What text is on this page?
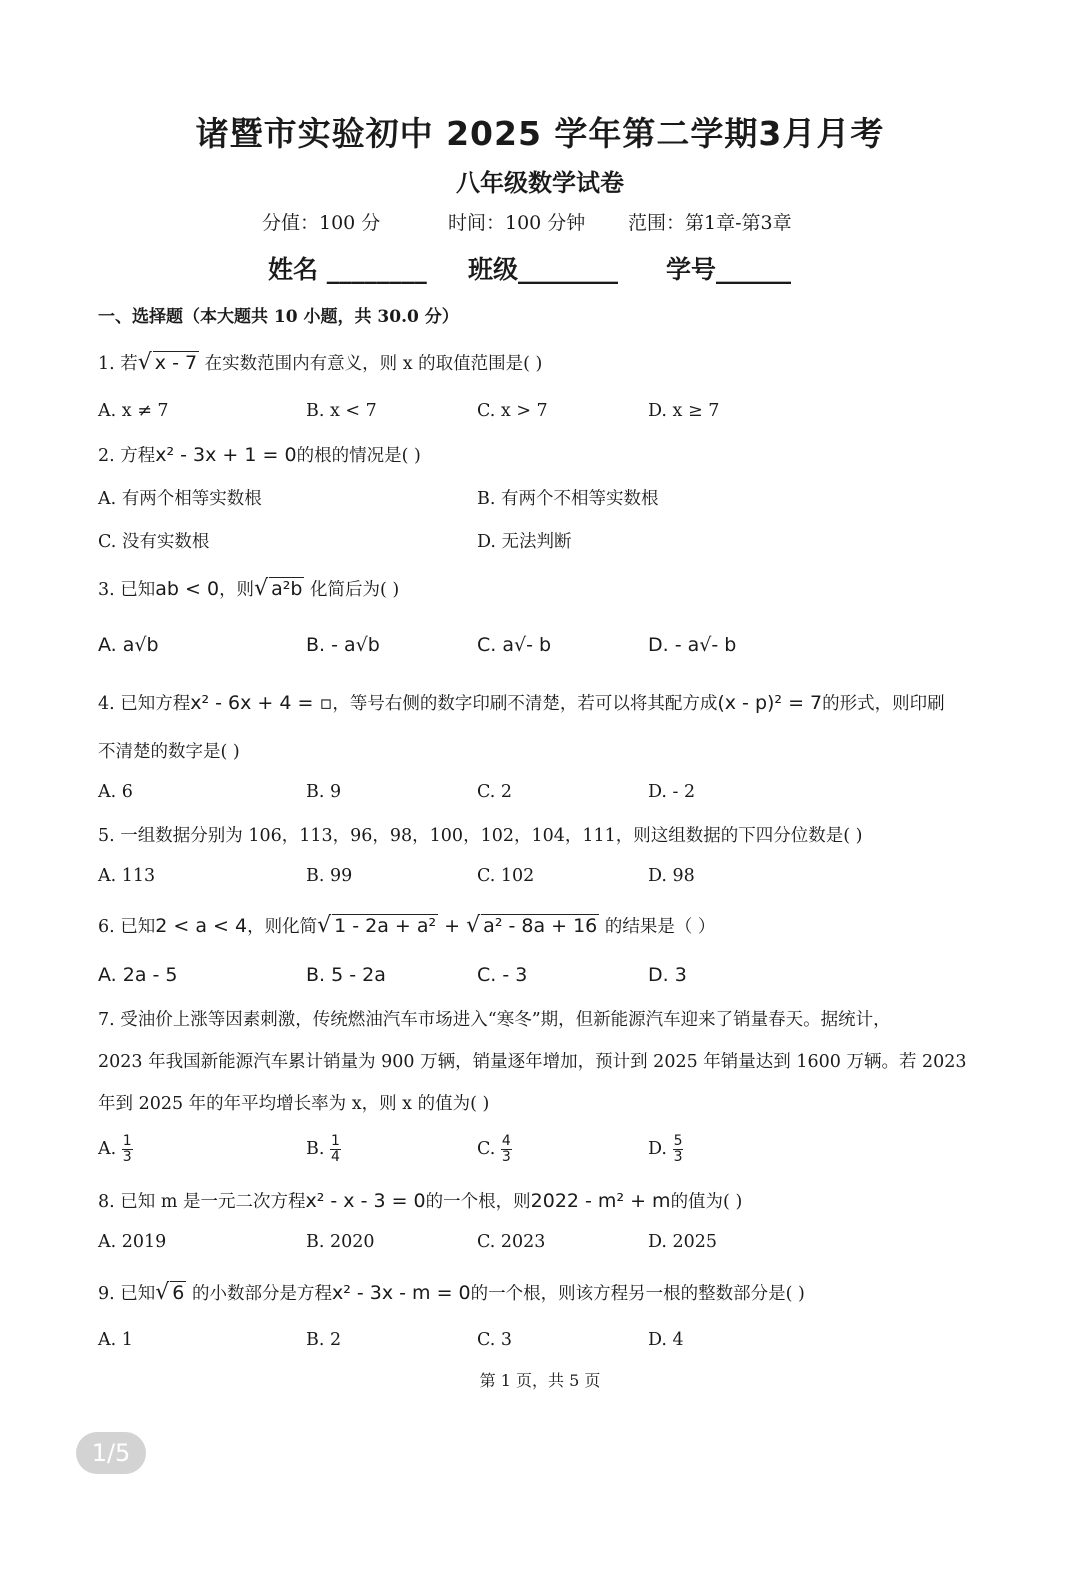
诸暨市实验初中 2025 学年第二学期3月月考
八年级数学试卷
分值：100 分	时间：100 分钟 范围：第1章-第3章
姓名 ________ 班级________ 学号______
一、选择题（本大题共 10 小题，共 30.0 分）
1. 若√ x - 7 在实数范围内有意义，则 x 的取值范围是( )
A. x ≠ 7	B. x < 7	C. x > 7	D. x ≥ 7
2. 方程x² - 3x + 1 = 0的根的情况是( )
A. 有两个相等实数根	B. 有两个不相等实数根
C. 没有实数根	D. 无法判断
3. 已知ab < 0，则√ a²b 化简后为( )
A. a√b	B. - a√b	C. a√- b	D. - a√- b
4. 已知方程x² - 6x + 4 = ▫，等号右侧的数字印刷不清楚，若可以将其配方成(x - p)² = 7的形式，则印刷
不清楚的数字是( )
A. 6	B. 9	C. 2	D. - 2
5. 一组数据分别为 106，113，96，98，100，102，104，111，则这组数据的下四分位数是( )
A. 113	B. 99	C. 102	D. 98
6. 已知2 < a < 4，则化简√ 1 - 2a + a² + √ a² - 8a + 16 的结果是（ ）
A. 2a - 5	B. 5 - 2a	C. - 3	D. 3
7. 受油价上涨等因素刺激，传统燃油汽车市场进入“寒冬”期，但新能源汽车迎来了销量春天。据统计，
2023 年我国新能源汽车累计销量为 900 万辆，销量逐年增加，预计到 2025 年销量达到 1600 万辆。若 2023
年到 2025 年的年平均增长率为 x，则 x 的值为( )
A. $\frac{1}{3}$	B. $\frac{1}{4}$	C. $\frac{4}{3}$	D. $\frac{5}{3}$
8. 已知 m 是一元二次方程x² - x - 3 = 0的一个根，则2022 - m² + m的值为( )
A. 2019	B. 2020	C. 2023	D. 2025
9. 已知√ 6 的小数部分是方程x² - 3x - m = 0的一个根，则该方程另一根的整数部分是( )
A. 1	B. 2	C. 3	D. 4
第 1 页，共 5 页
1/5
